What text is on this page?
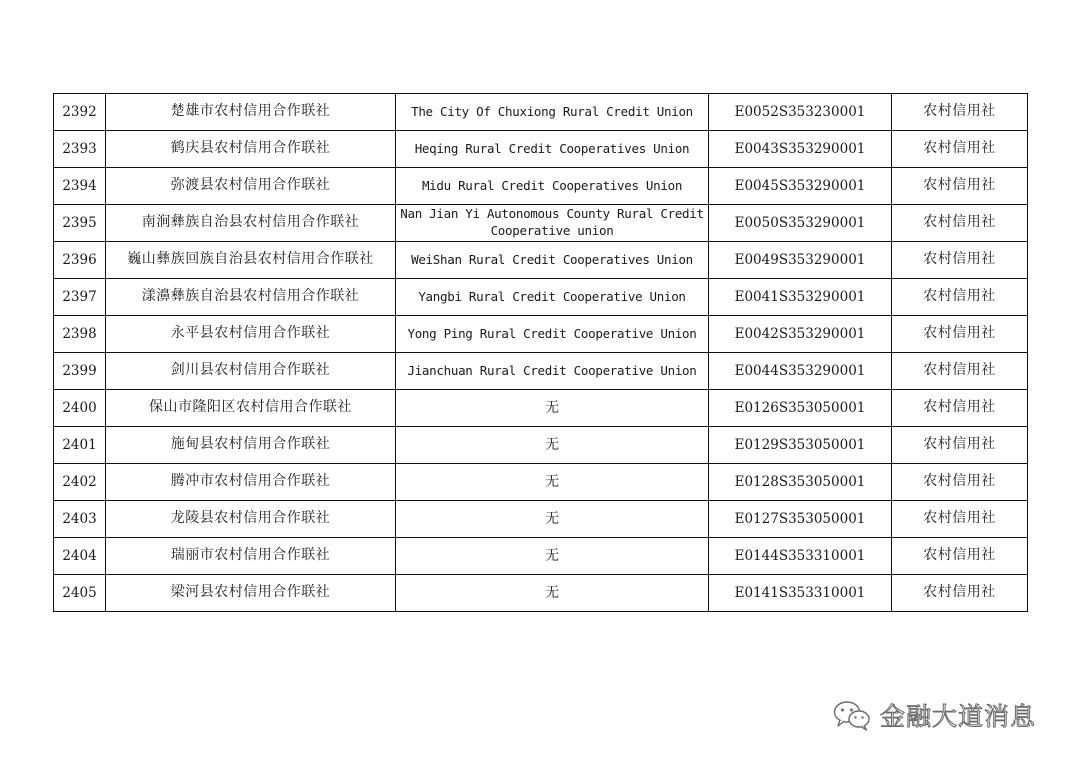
2392	楚雄市农村信用合作联社	The City Of Chuxiong Rural Credit Union	E0052S353230001	农村信用社
2393	鹤庆县农村信用合作联社	Heqing Rural Credit Cooperatives Union	E0043S353290001	农村信用社
2394	弥渡县农村信用合作联社	Midu Rural Credit Cooperatives Union	E0045S353290001	农村信用社
2395	南涧彝族自治县农村信用合作联社	Nan Jian Yi Autonomous County Rural Credit Cooperative union	E0050S353290001	农村信用社
2396	巍山彝族回族自治县农村信用合作联社	WeiShan Rural Credit Cooperatives Union	E0049S353290001	农村信用社
2397	漾濞彝族自治县农村信用合作联社	Yangbi Rural Credit Cooperative Union	E0041S353290001	农村信用社
2398	永平县农村信用合作联社	Yong Ping Rural Credit Cooperative Union	E0042S353290001	农村信用社
2399	剑川县农村信用合作联社	Jianchuan Rural Credit Cooperative Union	E0044S353290001	农村信用社
2400	保山市隆阳区农村信用合作联社	无	E0126S353050001	农村信用社
2401	施甸县农村信用合作联社	无	E0129S353050001	农村信用社
2402	腾冲市农村信用合作联社	无	E0128S353050001	农村信用社
2403	龙陵县农村信用合作联社	无	E0127S353050001	农村信用社
2404	瑞丽市农村信用合作联社	无	E0144S353310001	农村信用社
2405	梁河县农村信用合作联社	无	E0141S353310001	农村信用社
金融大道消息
